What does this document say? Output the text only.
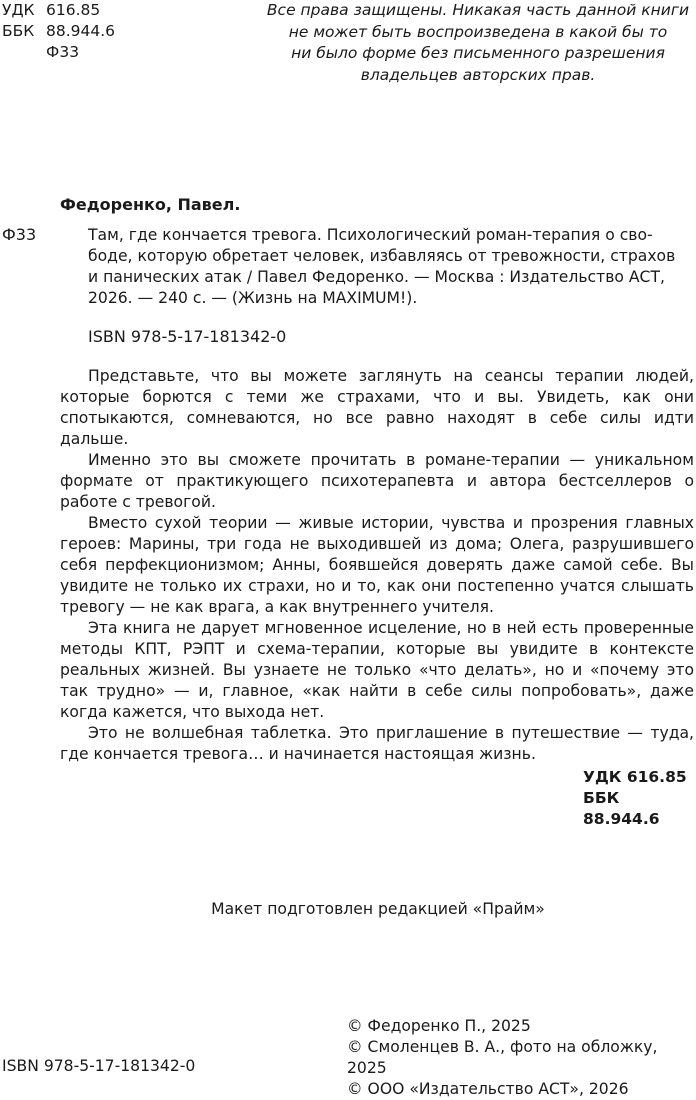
УДК 616.85
ББК 88.944.6
Ф33
Все права защищены. Никакая часть данной книги
не может быть воспроизведена в какой бы то
ни было форме без письменного разрешения
владельцев авторских прав.
Федоренко, Павел.
Ф33	Там, где кончается тревога. Психологический роман-терапия о сво-
боде, которую обретает человек, избавляясь от тревожности, страхов
и панических атак / Павел Федоренко. — Москва : Издательство АСТ,
2026. — 240 с. — (Жизнь на MAXIMUM!).
ISBN 978-5-17-181342-0

Представьте, что вы можете заглянуть на сеансы терапии людей, которые борются с теми же страхами, что и вы. Увидеть, как они спотыкаются, сомневаются, но все равно находят в себе силы идти дальше.

Именно это вы сможете прочитать в романе-терапии — уникальном формате от практикующего психотерапевта и автора бестселлеров о работе с тревогой.

Вместо сухой теории — живые истории, чувства и прозрения главных героев: Марины, три года не выходившей из дома; Олега, разрушившего себя перфекционизмом; Анны, боявшейся доверять даже самой себе. Вы увидите не только их страхи, но и то, как они постепенно учатся слышать тревогу — не как врага, а как внутреннего учителя.

Эта книга не дарует мгновенное исцеление, но в ней есть проверенные методы КПТ, РЭПТ и схема-терапии, которые вы увидите в контексте реальных жизней. Вы узнаете не только «что делать», но и «почему это так трудно» — и, главное, «как найти в себе силы попробовать», даже когда кажется, что выхода нет.

Это не волшебная таблетка. Это приглашение в путешествие — туда, где кончается тревога… и начинается настоящая жизнь.

УДК 616.85
ББК 88.944.6
Макет подготовлен редакцией «Прайм»
© Федоренко П., 2025
© Смоленцев В. А., фото на обложку, 2025
© ООО «Издательство АСТ», 2026
ISBN 978-5-17-181342-0
